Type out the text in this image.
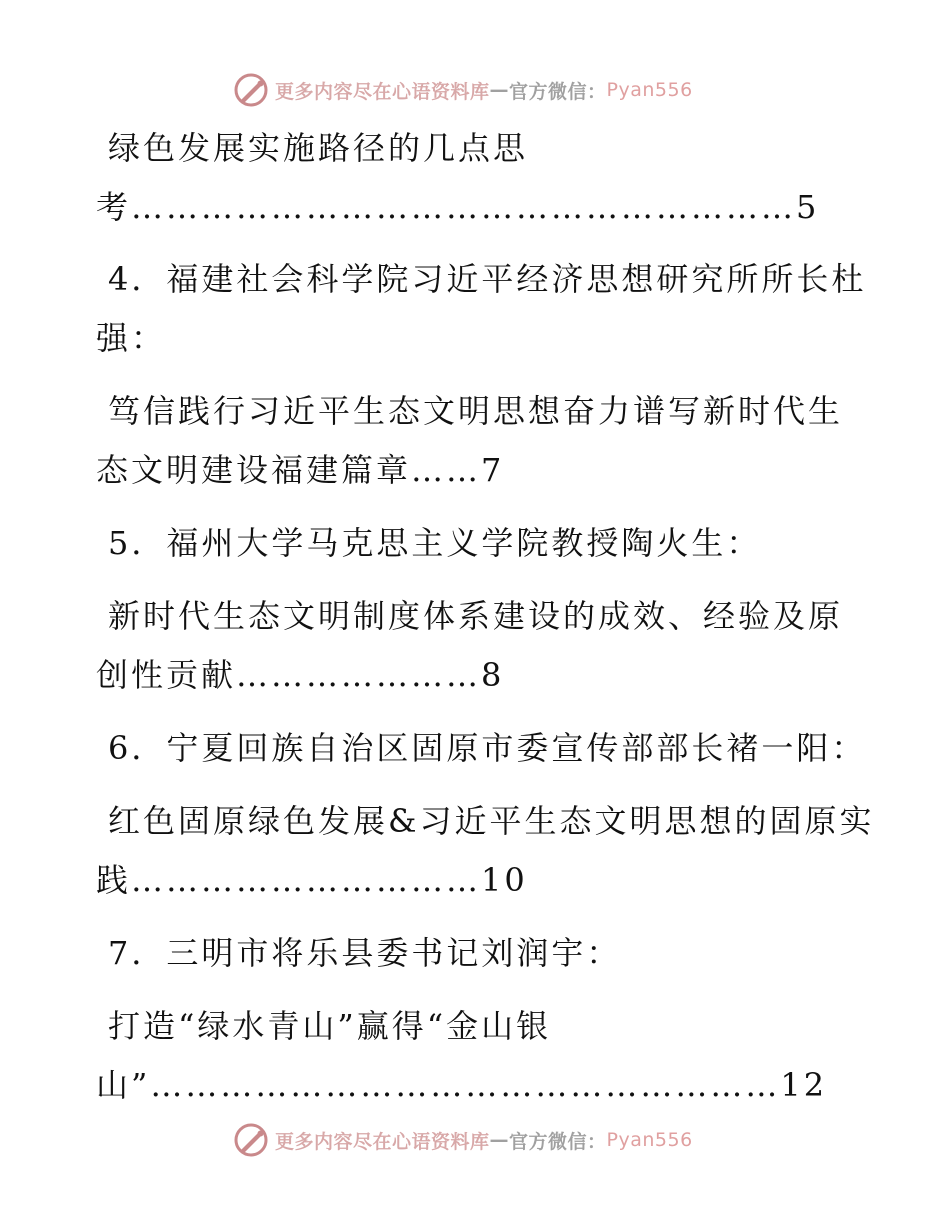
更多内容尽在心语资料库 — 官方微信： Pyan556
绿色发展实施路径的几点思
考…………………………………………………5
4．福建社会科学院习近平经济思想研究所所长杜
强：
笃信践行习近平生态文明思想奋力谱写新时代生
态文明建设福建篇章……7
5．福州大学马克思主义学院教授陶火生：
新时代生态文明制度体系建设的成效、经验及原
创性贡献…………………8
6．宁夏回族自治区固原市委宣传部部长褚一阳：
红色固原绿色发展&习近平生态文明思想的固原实
践…………………………10
7．三明市将乐县委书记刘润宇：
打造“绿水青山”赢得“金山银
山”………………………………………………12
更多内容尽在心语资料库 — 官方微信： Pyan556
